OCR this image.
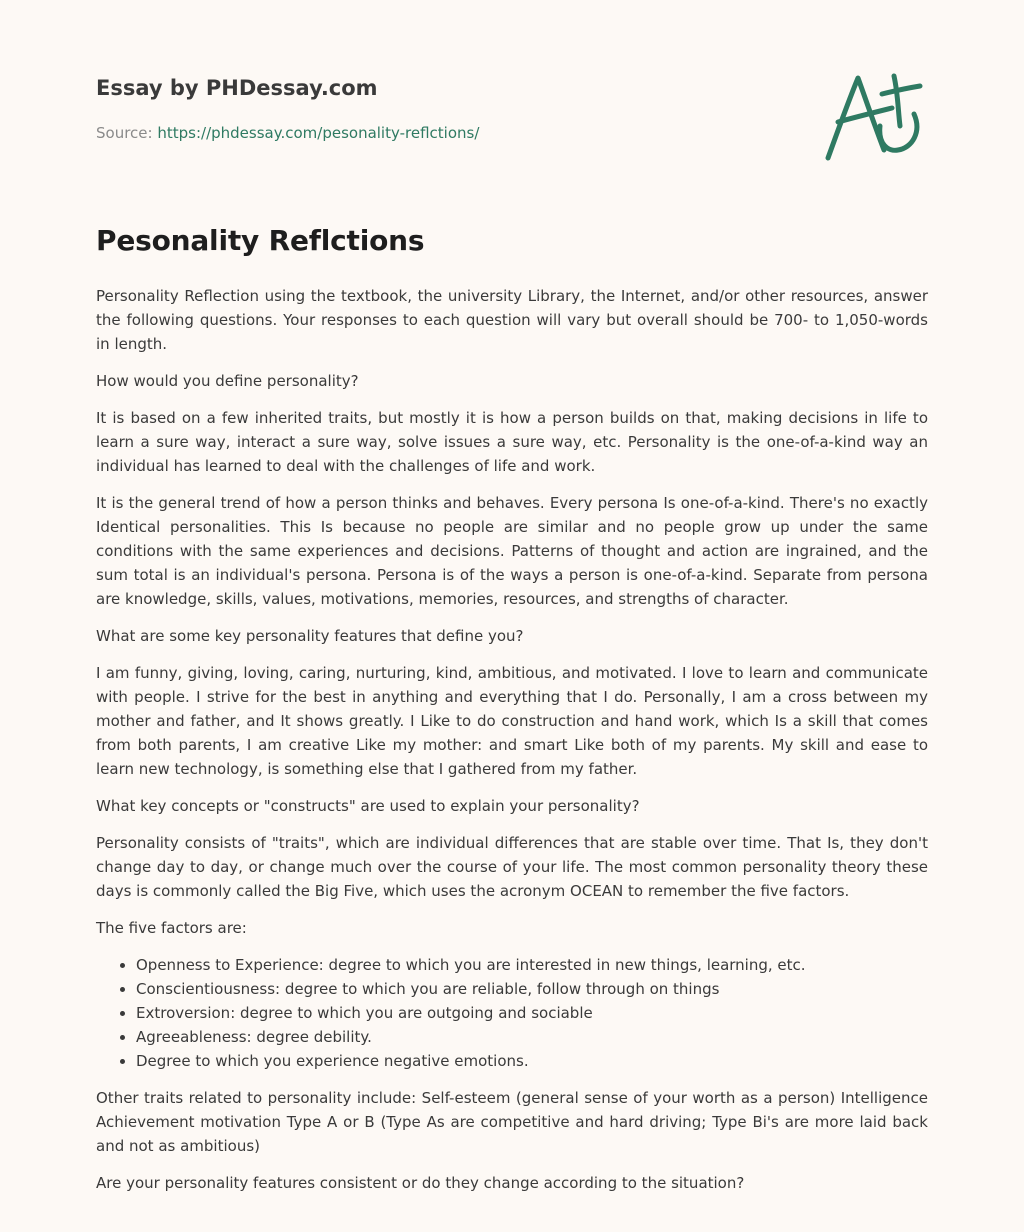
Essay by PHDessay.com
Source: https://phdessay.com/pesonality-reflctions/
Pesonality Reflctions

Personality Reflection using the textbook, the university Library, the Internet, and/or other resources, answer the following questions. Your responses to each question will vary but overall should be 700- to 1,050-words in length.

How would you define personality?

It is based on a few inherited traits, but mostly it is how a person builds on that, making decisions in life to learn a sure way, interact a sure way, solve issues a sure way, etc. Personality is the one-of-a-kind way an individual has learned to deal with the challenges of life and work.

It is the general trend of how a person thinks and behaves. Every persona Is one-of-a-kind. There's no exactly Identical personalities. This Is because no people are similar and no people grow up under the same conditions with the same experiences and decisions. Patterns of thought and action are ingrained, and the sum total is an individual's persona. Persona is of the ways a person is one-of-a-kind. Separate from persona are knowledge, skills, values, motivations, memories, resources, and strengths of character.

What are some key personality features that define you?

I am funny, giving, loving, caring, nurturing, kind, ambitious, and motivated. I love to learn and communicate with people. I strive for the best in anything and everything that I do. Personally, I am a cross between my mother and father, and It shows greatly. I Like to do construction and hand work, which Is a skill that comes from both parents, I am creative Like my mother: and smart Like both of my parents. My skill and ease to learn new technology, is something else that I gathered from my father.

What key concepts or "constructs" are used to explain your personality?

Personality consists of "traits", which are individual differences that are stable over time. That Is, they don't change day to day, or change much over the course of your life. The most common personality theory these days is commonly called the Big Five, which uses the acronym OCEAN to remember the five factors.

The five factors are:

• Openness to Experience: degree to which you are interested in new things, learning, etc.
• Conscientiousness: degree to which you are reliable, follow through on things
• Extroversion: degree to which you are outgoing and sociable
• Agreeableness: degree debility.
• Degree to which you experience negative emotions.

Other traits related to personality include: Self-esteem (general sense of your worth as a person) Intelligence Achievement motivation Type A or B (Type As are competitive and hard driving; Type Bi's are more laid back and not as ambitious)

Are your personality features consistent or do they change according to the situation?
